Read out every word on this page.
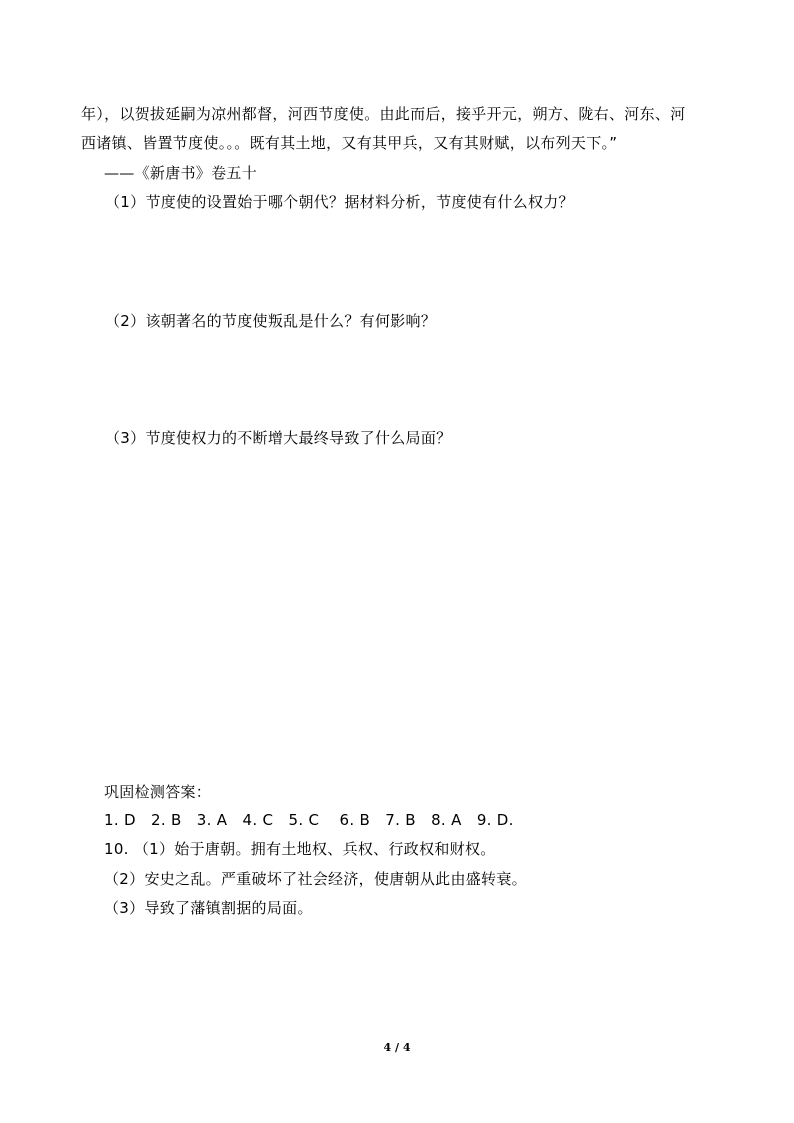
年），以贺拔延嗣为凉州都督，河西节度使。由此而后，接乎开元，朔方、陇右、河东、河
西诸镇、皆置节度使。。。既有其土地，又有其甲兵，又有其财赋，以布列天下。”
——《新唐书》卷五十
（1）节度使的设置始于哪个朝代？据材料分析，节度使有什么权力？
（2）该朝著名的节度使叛乱是什么？有何影响？
（3）节度使权力的不断增大最终导致了什么局面？
巩固检测答案：
1. D   2. B   3. A   4. C   5. C    6. B   7. B   8. A   9. D.
10. （1）始于唐朝。拥有土地权、兵权、行政权和财权。
（2）安史之乱。严重破坏了社会经济，使唐朝从此由盛转衰。
（3）导致了藩镇割据的局面。
4 / 4
